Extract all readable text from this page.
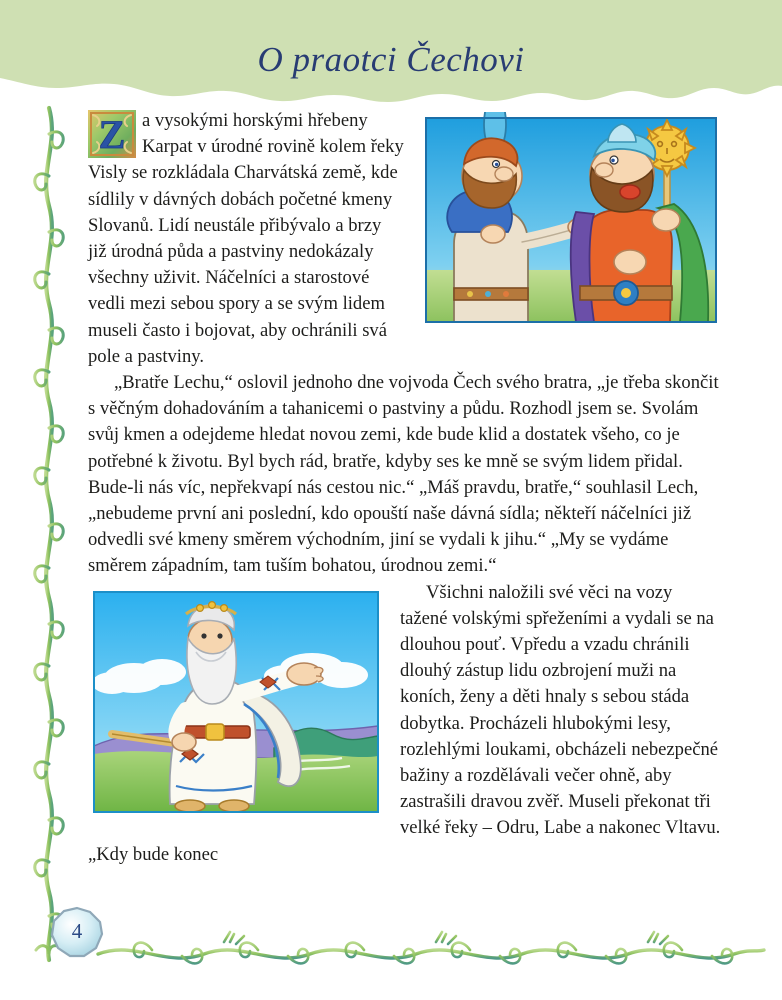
O praotci Čechovi
4

Z a vysokými horskými hřebeny Karpat v úrodné rovině kolem řeky Visly se rozkládala Charvátská země, kde sídlily v dávných dobách početné kmeny Slovanů. Lidí neustále přibývalo a brzy již úrodná půda a pastviny nedokázaly všechny uživit. Náčelníci a starostové vedli mezi sebou spory a se svým lidem museli často i bojovat, aby ochránili svá pole a pastviny.

„Bratře Lechu,“ oslovil jednoho dne vojvoda Čech svého bratra, „je třeba skončit s věčným dohadováním a tahanicemi o pastviny a půdu. Rozhodl jsem se. Svolám svůj kmen a odejdeme hledat novou zemi, kde bude klid a dostatek všeho, co je potřebné k životu. Byl bych rád, bratře, kdyby ses ke mně se svým lidem přidal. Bude-li nás víc, nepřekvapí nás cestou nic.“ „Máš pravdu, bratře,“ souhlasil Lech, „nebudeme první ani poslední, kdo opouští naše dávná sídla; někteří náčelníci již odvedli své kmeny směrem východním, jiní se vydali k jihu.“ „My se vydáme směrem západním, tam tuším bohatou, úrodnou zemi.“

Všichni naložili své věci na vozy tažené volskými spřeženími a vydali se na dlouhou pouť. Vpředu a vzadu chránili dlouhý zástup lidu ozbrojení muži na koních, ženy a děti hnaly s sebou stáda dobytka. Procházeli hlubokými lesy, rozlehlými loukami, obcházeli nebezpečné bažiny a rozdělávali večer ohně, aby zastrašili dravou zvěř. Museli překonat tři velké řeky – Odru, Labe a nakonec Vltavu. „Kdy bude konec
